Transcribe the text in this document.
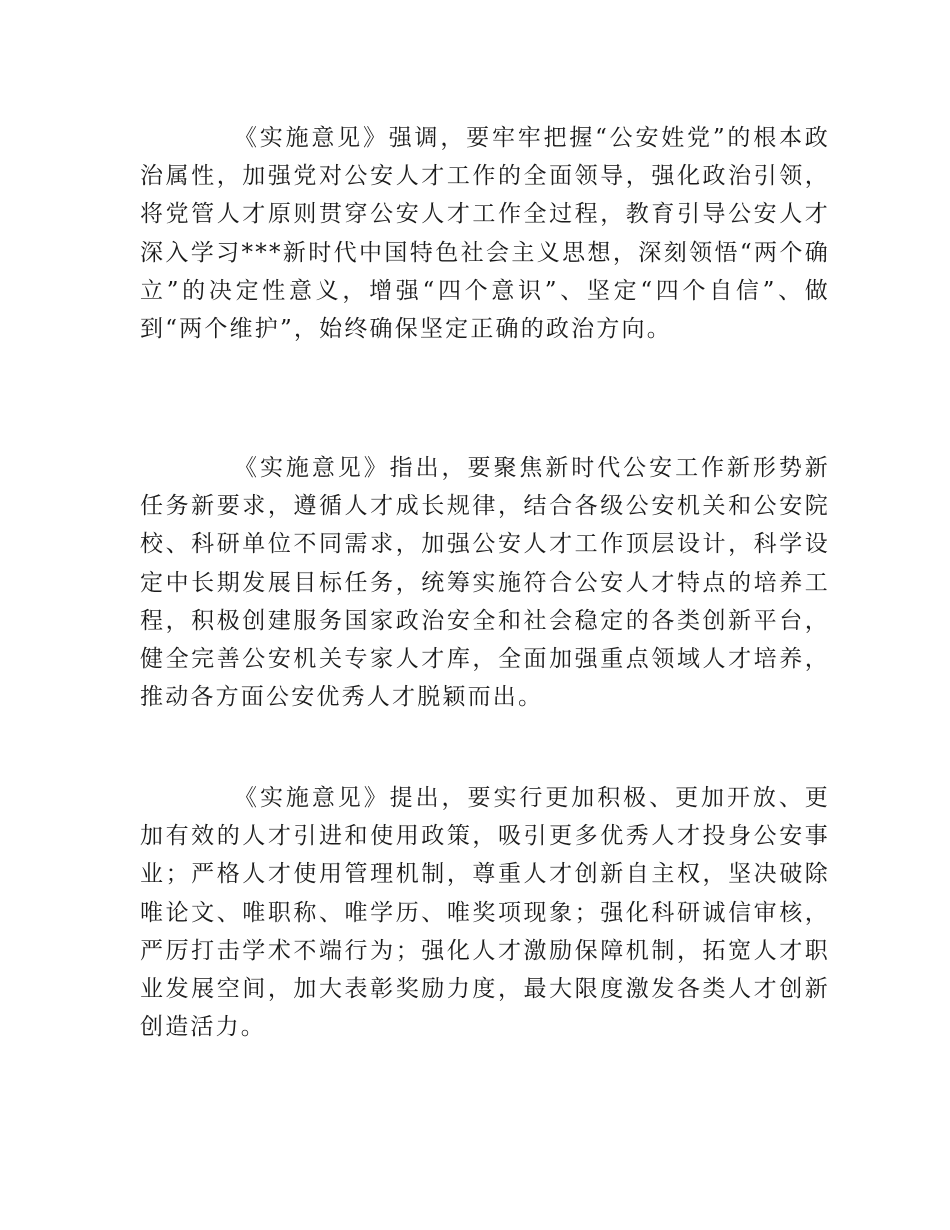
《实施意见》强调，要牢牢把握“公安姓党”的根本政治属性，加强党对公安人才工作的全面领导，强化政治引领，将党管人才原则贯穿公安人才工作全过程，教育引导公安人才深入学习***新时代中国特色社会主义思想，深刻领悟“两个确立”的决定性意义，增强“四个意识”、坚定“四个自信”、做到“两个维护”，始终确保坚定正确的政治方向。

《实施意见》指出，要聚焦新时代公安工作新形势新任务新要求，遵循人才成长规律，结合各级公安机关和公安院校、科研单位不同需求，加强公安人才工作顶层设计，科学设定中长期发展目标任务，统筹实施符合公安人才特点的培养工程，积极创建服务国家政治安全和社会稳定的各类创新平台，健全完善公安机关专家人才库，全面加强重点领域人才培养，推动各方面公安优秀人才脱颖而出。

《实施意见》提出，要实行更加积极、更加开放、更加有效的人才引进和使用政策，吸引更多优秀人才投身公安事业；严格人才使用管理机制，尊重人才创新自主权，坚决破除唯论文、唯职称、唯学历、唯奖项现象；强化科研诚信审核，严厉打击学术不端行为；强化人才激励保障机制，拓宽人才职业发展空间，加大表彰奖励力度，最大限度激发各类人才创新创造活力。
